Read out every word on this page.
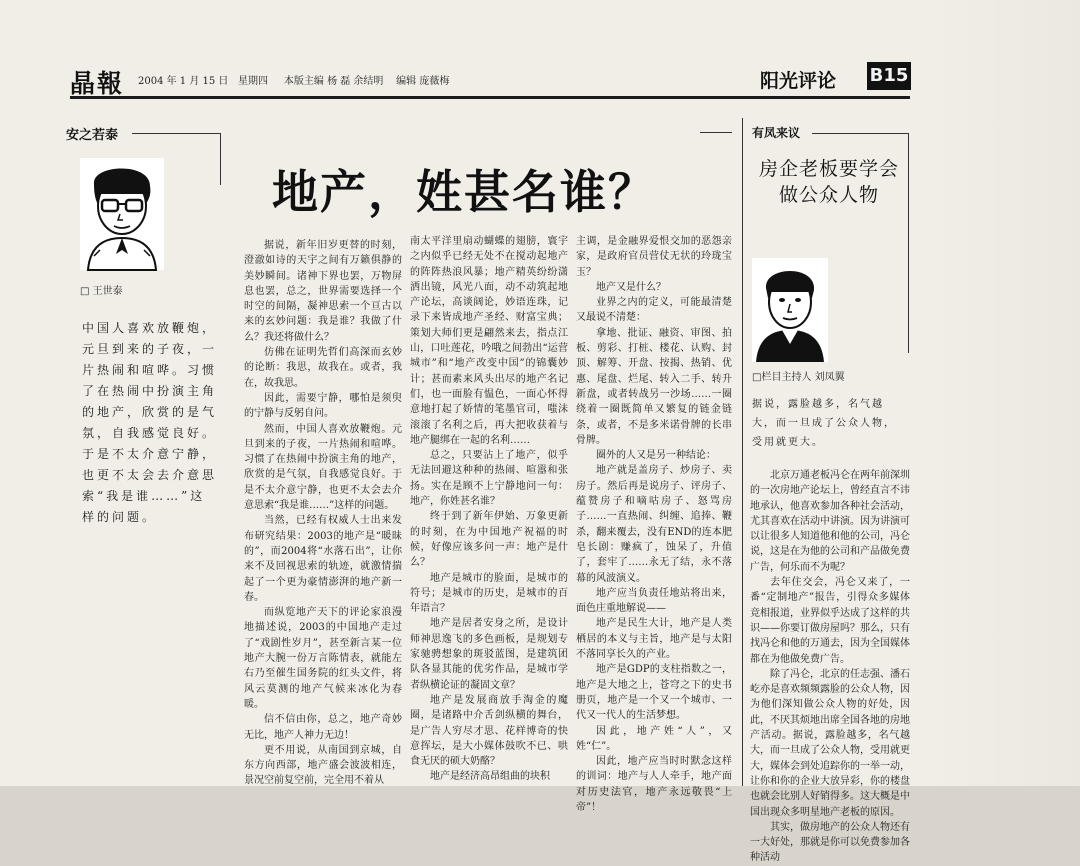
晶報 2004 年 1 月 15 日 星期四 本版主编 杨 磊 余结明 编辑 庞薇梅	阳光评论 B15
安之若泰
□ 王世泰
中国人喜欢放鞭炮，元旦到来的子夜，一片热闹和喧哗。习惯了在热闹中扮演主角的地产，欣赏的是气氛，自我感觉良好。于是不太介意宁静，也更不太会去介意思索“我是谁……”这样的问题。
地产，姓甚名谁？

据说，新年旧岁更替的时刻，澄澈如诗的天宇之间有万籁俱静的美妙瞬间。诸神下界也罢，万物屏息也罢，总之，世界需要选择一个时空的间隔，凝神思索一个亘古以来的玄妙问题：我是谁？我做了什么？我还将做什么？

仿佛在证明先哲们高深而玄妙的论断：我思，故我在。或者，我在，故我思。

因此，需要宁静，哪怕是须臾的宁静与反躬自问。

然而，中国人喜欢放鞭炮。元旦到来的子夜，一片热闹和喧哗。习惯了在热闹中扮演主角的地产，欣赏的是气氛，自我感觉良好。于是不太介意宁静，也更不太会去介意思索“我是谁……”这样的问题。

当然，已经有权威人士出来发布研究结果：2003的地产是“暖昧的”，而2004将“水落石出”，让你来不及回视思索的轨迹，就激情揣起了一个更为豪情澎湃的地产新一春。

而纵览地产天下的评论家浪漫地描述说，2003的中国地产走过了“戏剧性岁月”，甚至新言某一位地产大腕一份万言陈情表，就能左右乃至催生国务院的红头文件，将风云莫测的地产气候来冰化为春暖。

信不信由你，总之，地产奇妙无比，地产人神力无边！

更不用说，从南国到京城，自东方向西部，地产盛会波波相连，景况空前复空前，完全用不着从

南太平洋里扇动蝴蝶的翅膀，寰宇之内似乎已经无处不在搅动起地产的阵阵热浪风暴；地产精英纷纷潇洒出镜，风光八面，动不动筑起地产论坛，高谈阔论，妙语连珠，记录下来皆成地产圣经、财富宝典；策划大师们更是翩然来去，指点江山，口吐莲花，吟哦之间勃出“运营城市”和“地产改变中国”的锦囊妙计；甚而素来风头出尽的地产名记们，也一面脸有愠色，一面心怀得意地打起了娇情的笔墨官司，嗤沫滚滚了名利之后，再大把收获着与地产腿绑在一起的名利……

总之，只要沾上了地产，似乎无法回避这种种的热闹、喧嚣和张扬。实在是顾不上宁静地问一句：地产，你姓甚名谁？

终于到了新年伊始、万象更新的时刻，在为中国地产祝福的时候，好像应该多问一声：地产是什么？

地产是城市的脸面，是城市的符号；是城市的历史，是城市的百年语言？

地产是居者安身之所，是设计师神思逸飞的多色画板，是规划专家驰骋想象的斑驳蓝图，是建筑团队各显其能的优劣作品，是城市学者纵横论证的凝固文章？

地产是发展商放手淘金的魔圈，是诸路中介舌剑纵横的舞台，是广告人穷尽才思、花样博奇的快意挥坛，是大小媒体鼓吹不已、哄食无厌的硕大奶酪？

地产是经济高昂组曲的块积

主调，是金融界爱恨交加的恶怨亲家，是政府官员营仗无状的玲珑宝玉？

地产又是什么？

业界之内的定义，可能最清楚又最说不清楚：

拿地、批证、融资、审图、拍板、剪彩、打桩、楼花、认购、封顶、解筹、开盘、按揭、热销、优惠、尾盘、烂尾、转入二手、转升新盘，或者转战另一沙场……一圈绕着一圈既简单又繁复的链金链条，或者，不是多米诺骨牌的长串骨牌。

圈外的人又是另一种结论：

地产就是盖房子、炒房子、卖房子。然后再是说房子、评房子、蕴赞房子和嘀咕房子、怒骂房子……一直热闹、纠缠、追捧、鞭杀，翻来覆去，没有END的连本肥皂长剧：赚疯了，蚀呆了，升值了，套牢了……永无了结，永不落幕的风波演义。

地产应当负责任地站将出来，面色庄重地解说——

地产是民生大计，地产是人类栖居的本义与主旨，地产是与太阳不落同享长久的产业。

地产是GDP的支柱指数之一，地产是大地之上，苍穹之下的史书册页，地产是一个又一个城市、一代又一代人的生活梦想。

因此，地产姓“人”，又姓“仁”。

因此，地产应当时时默念这样的训词：地产与人人牵手，地产面对历史法官，地产永远敬畏“上帝”！

有凤来议
房企老板要学会做公众人物
□栏目主持人 刘凤翼
据说，露脸越多，名气越大，而一旦成了公众人物，受用就更大。

北京万通老板冯仑在两年前深圳的一次房地产论坛上，曾经直言不讳地承认，他喜欢参加各种社会活动，尤其喜欢在活动中讲演。因为讲演可以让很多人知道他和他的公司，冯仑说，这是在为他的公司和产品做免费广告，何乐而不为呢？

去年住交会，冯仑又来了，一番“定制地产”报告，引得众多媒体竞相报道，业界似乎达成了这样的共识——你要订做房屋吗？那么，只有找冯仑和他的万通去，因为全国媒体都在为他做免费广告。

除了冯仑，北京的任志强、潘石屹亦是喜欢频频露脸的公众人物，因为他们深知做公众人物的好处，因此，不厌其烦地出席全国各地的房地产活动。据说，露脸越多，名气越大，而一旦成了公众人物，受用就更大，媒体会到处追踪你的一举一动，让你和你的企业大放异彩，你的楼盘也就会比别人好销得多。这大概是中国出现众多明星地产老板的原因。

其实，做房地产的公众人物还有一大好处，那就是你可以免费参加各种活动
